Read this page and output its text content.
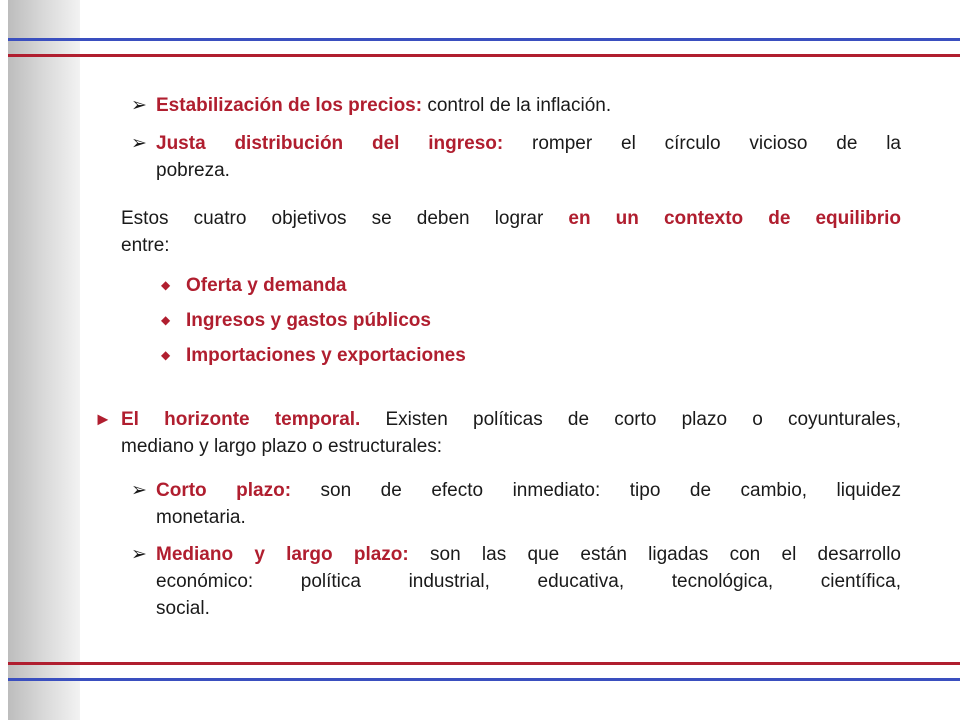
➢ Estabilización de los precios: control de la inflación.

➢ Justa distribución del ingreso: romper el círculo vicioso de la
pobreza.
Estos cuatro objetivos se deben lograr en un contexto de equilibrio
entre:
◆ Oferta y demanda
◆ Ingresos y gastos públicos
◆ Importaciones y exportaciones
► El horizonte temporal. Existen políticas de corto plazo o coyunturales,
mediano y largo plazo o estructurales:
➢ Corto plazo: son de efecto inmediato: tipo de cambio, liquidez
monetaria.
➢ Mediano y largo plazo: son las que están ligadas con el desarrollo
económico: política industrial, educativa, tecnológica, científica,
social.
